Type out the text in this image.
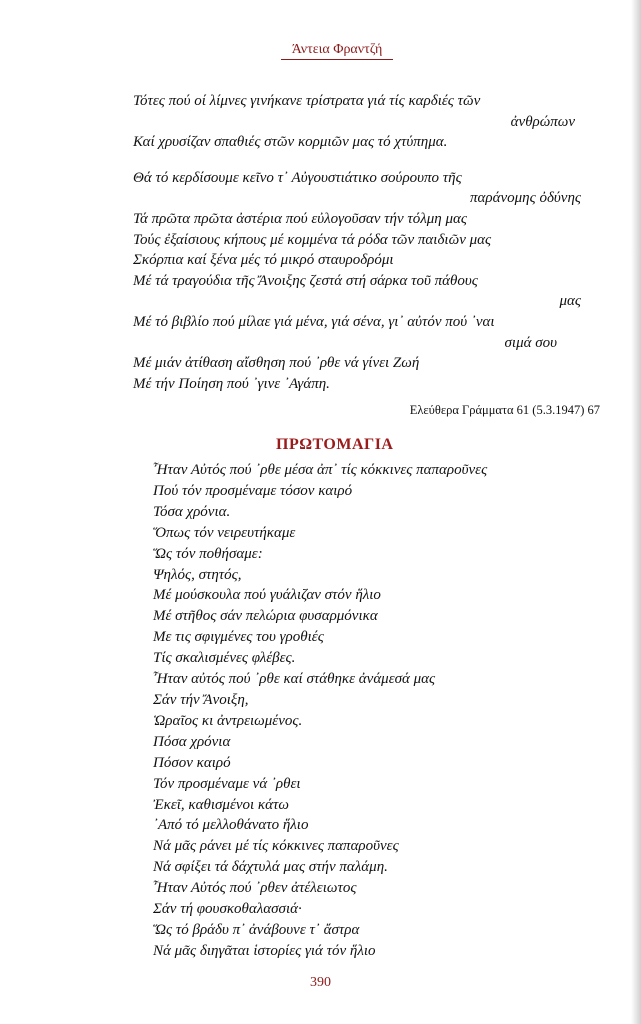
Άντεια Φραντζή
Τότες πού οί λίμνες γινήκανε τρίστρατα γιά τίς καρδιές τῶν
ἀνθρώπων
Καί χρυσίζαν σπαθιές στῶν κορμιῶν μας τό χτύπημα.
Θά τό κερδίσουμε κεῖνο τ᾿ Αὐγουστιάτικο σούρουπο τῆς
παράνομης ὀδύνης
Τά πρῶτα πρῶτα ἀστέρια πού εὐλογοῦσαν τήν τόλμη μας
Τούς ἐξαίσιους κήπους μέ κομμένα τά ρόδα τῶν παιδιῶν μας
Σκόρπια καί ξένα μές τό μικρό σταυροδρόμι
Μέ τά τραγούδια τῆς Ἄνοιξης ζεστά στή σάρκα τοῦ πάθους
μας
Μέ τό βιβλίο πού μίλαε γιά μένα, γιά σένα, γι᾿ αὐτόν πού ᾿ναι
σιμά σου
Μέ μιάν ἀτίθαση αἴσθηση πού ᾿ρθε νά γίνει Ζωή
Μέ τήν Ποίηση πού ᾿γινε ᾿Αγάπη.
Ελεύθερα Γράμματα 61 (5.3.1947) 67
ΠΡΩΤΟΜΑΓΙΑ
Ἦταν Αὐτός πού ᾿ρθε μέσα ἀπ᾿ τίς κόκκινες παπαροῦνες
Πού τόν προσμέναμε τόσον καιρό
Τόσα χρόνια.
Ὅπως τόν νειρευτήκαμε
Ὥς τόν ποθήσαμε:
Ψηλός, στητός,
Μέ μούσκουλα πού γυάλιζαν στόν ἥλιο
Μέ στῆθος σάν πελώρια φυσαρμόνικα
Με τις σφιγμένες του γροθιές
Τίς σκαλισμένες φλέβες.
Ἦταν αὐτός πού ᾿ρθε καί στάθηκε ἀνάμεσά μας
Σάν τήν Ἄνοιξη,
Ὡραῖος κι ἀντρειωμένος.
Πόσα χρόνια
Πόσον καιρό
Τόν προσμέναμε νά ᾿ρθει
Ἐκεῖ, καθισμένοι κάτω
᾿Από τό μελλοθάνατο ἥλιο
Νά μᾶς ράνει μέ τίς κόκκινες παπαροῦνες
Νά σφίξει τά δάχτυλά μας στήν παλάμη.
Ἦταν Αὐτός πού ᾿ρθεν ἀτέλειωτος
Σάν τή φουσκοθαλασσιά·
Ὥς τό βράδυ π᾿ ἀνάβουνε τ᾿ ἄστρα
Νά μᾶς διηγᾶται ἱστορίες γιά τόν ἥλιο
390
